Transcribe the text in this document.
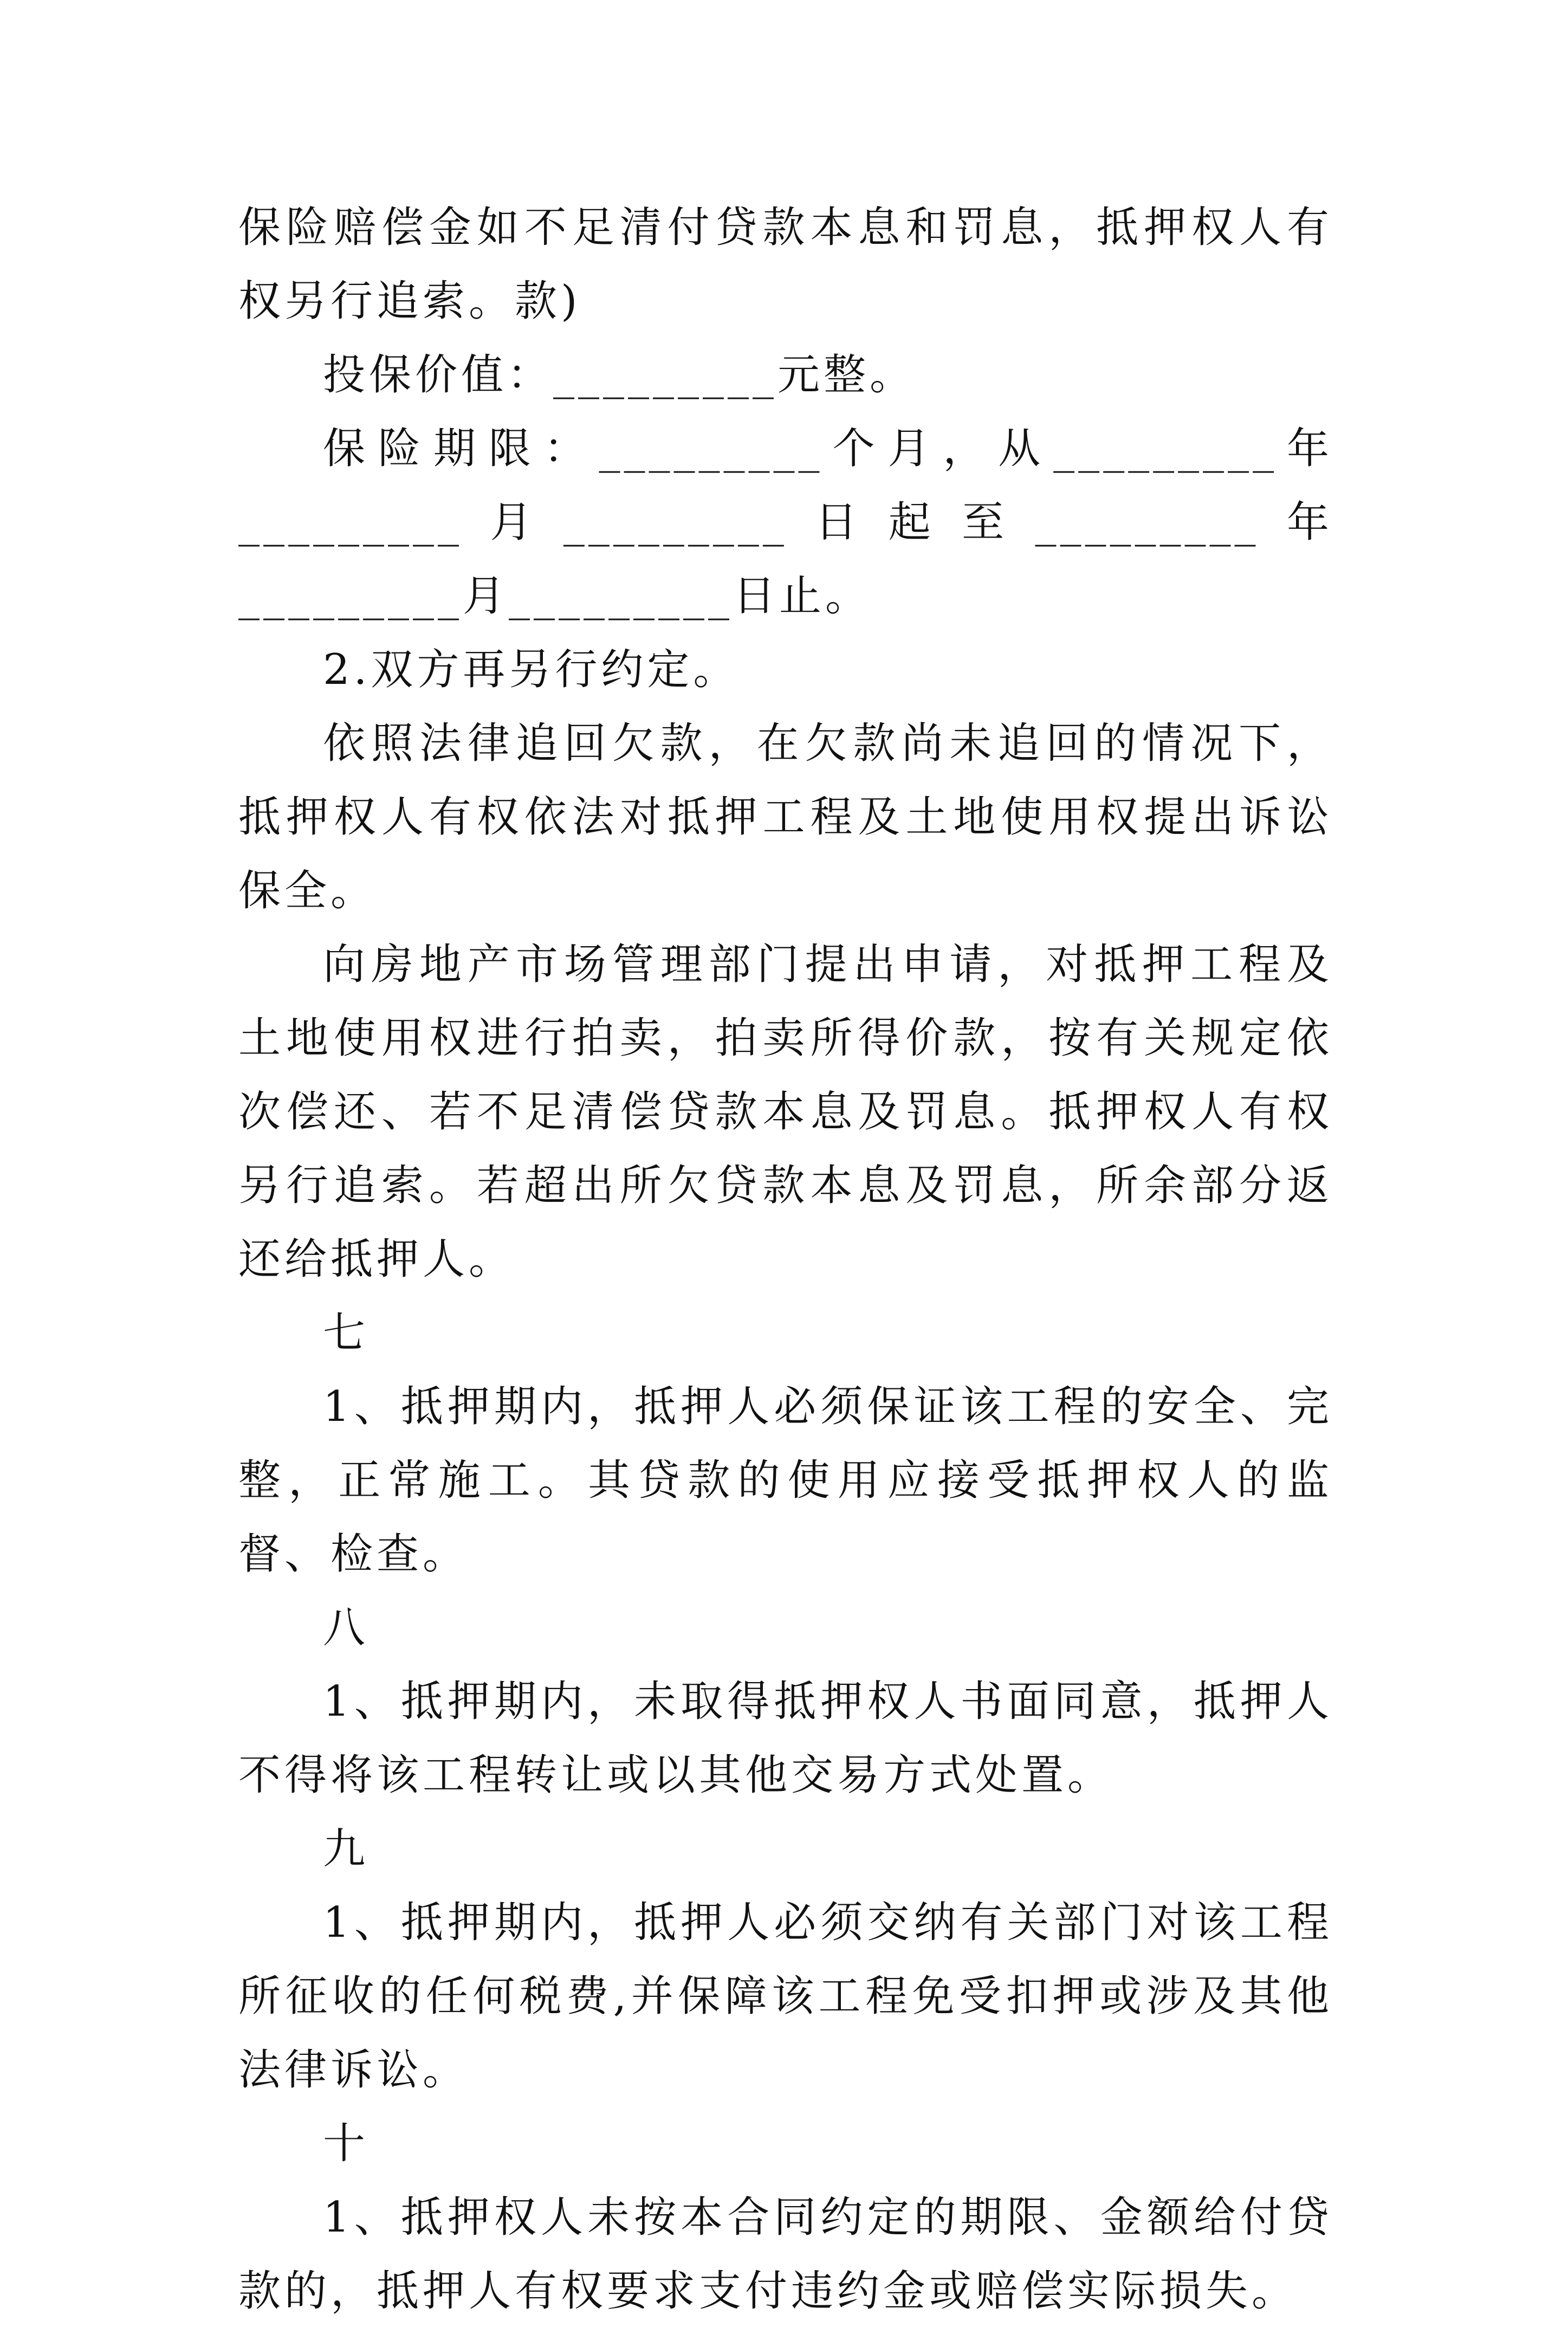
保险赔偿金如不足清付贷款本息和罚息，抵押权人有权另行追索。款)

投保价值：_________元整。

保险期限：_________个月，从_________年_________月_________日起至_________年_________月_________日止。

2.双方再另行约定。

依照法律追回欠款，在欠款尚未追回的情况下，抵押权人有权依法对抵押工程及土地使用权提出诉讼保全。

向房地产市场管理部门提出申请，对抵押工程及土地使用权进行拍卖，拍卖所得价款，按有关规定依次偿还、若不足清偿贷款本息及罚息。抵押权人有权另行追索。若超出所欠贷款本息及罚息，所余部分返还给抵押人。

七

1、抵押期内，抵押人必须保证该工程的安全、完整，正常施工。其贷款的使用应接受抵押权人的监督、检查。

八

1、抵押期内，未取得抵押权人书面同意，抵押人不得将该工程转让或以其他交易方式处置。

九

1、抵押期内，抵押人必须交纳有关部门对该工程所征收的任何税费,并保障该工程免受扣押或涉及其他法律诉讼。

十

1、抵押权人未按本合同约定的期限、金额给付贷款的，抵押人有权要求支付违约金或赔偿实际损失。
